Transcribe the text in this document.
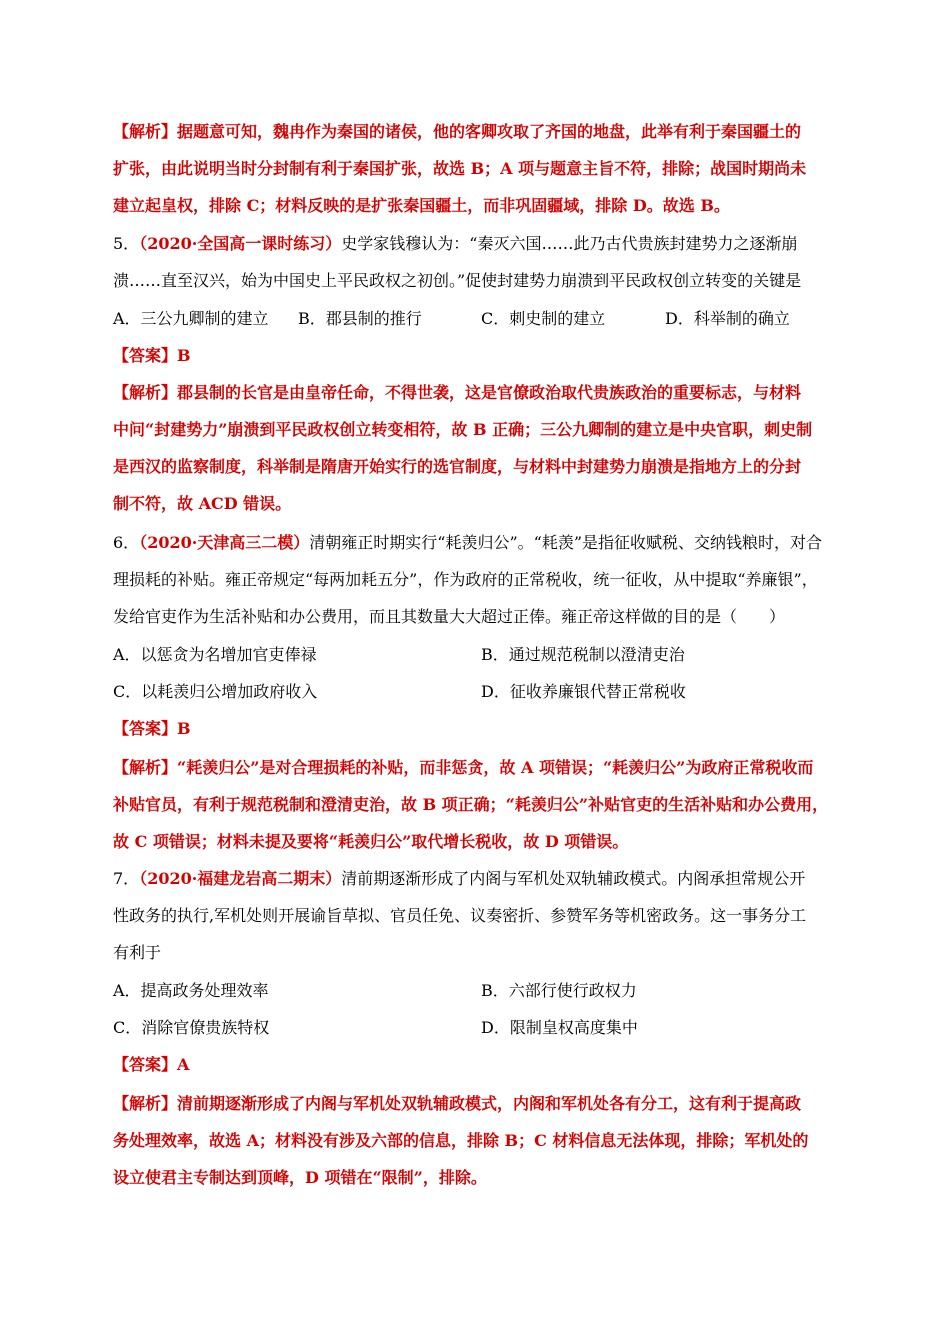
【解析】据题意可知，魏冉作为秦国的诸侯，他的客卿攻取了齐国的地盘，此举有利于秦国疆土的
扩张，由此说明当时分封制有利于秦国扩张，故选 B；A 项与题意主旨不符，排除；战国时期尚未
建立起皇权，排除 C；材料反映的是扩张秦国疆土，而非巩固疆域，排除 D。故选 B。
5．（2020·全国高一课时练习）史学家钱穆认为：“秦灭六国……此乃古代贵族封建势力之逐渐崩
溃……直至汉兴，始为中国史上平民政权之初创。”促使封建势力崩溃到平民政权创立转变的关键是
A．三公九卿制的建立 B．郡县制的推行	C．刺史制的建立	D．科举制的确立
【答案】B
【解析】郡县制的长官是由皇帝任命，不得世袭，这是官僚政治取代贵族政治的重要标志，与材料
中问“封建势力”崩溃到平民政权创立转变相符，故 B 正确；三公九卿制的建立是中央官职，刺史制
是西汉的监察制度，科举制是隋唐开始实行的选官制度，与材料中封建势力崩溃是指地方上的分封
制不符，故 ACD 错误。
6．（2020·天津高三二模）清朝雍正时期实行“耗羡归公”。“耗羡”是指征收赋税、交纳钱粮时，对合
理损耗的补贴。雍正帝规定“每两加耗五分”，作为政府的正常税收，统一征收，从中提取“养廉银”，
发给官吏作为生活补贴和办公费用，而且其数量大大超过正俸。雍正帝这样做的目的是（　　）
A．以惩贪为名增加官吏俸禄	B．通过规范税制以澄清吏治
C．以耗羡归公增加政府收入	D．征收养廉银代替正常税收
【答案】B
【解析】“耗羡归公”是对合理损耗的补贴，而非惩贪，故 A 项错误；“耗羡归公”为政府正常税收而
补贴官员，有利于规范税制和澄清吏治，故 B 项正确；“耗羡归公”补贴官吏的生活补贴和办公费用，
故 C 项错误；材料未提及要将“耗羡归公”取代增长税收，故 D 项错误。
7．（2020·福建龙岩高二期末）清前期逐渐形成了内阁与军机处双轨辅政模式。内阁承担常规公开
性政务的执行,军机处则开展谕旨草拟、官员任免、议奏密折、参赞军务等机密政务。这一事务分工
有利于
A．提高政务处理效率	B．六部行使行政权力
C．消除官僚贵族特权	D．限制皇权高度集中
【答案】A
【解析】清前期逐渐形成了内阁与军机处双轨辅政模式，内阁和军机处各有分工，这有利于提高政
务处理效率，故选 A；材料没有涉及六部的信息，排除 B；C 材料信息无法体现，排除；军机处的
设立使君主专制达到顶峰，D 项错在“限制”，排除。
